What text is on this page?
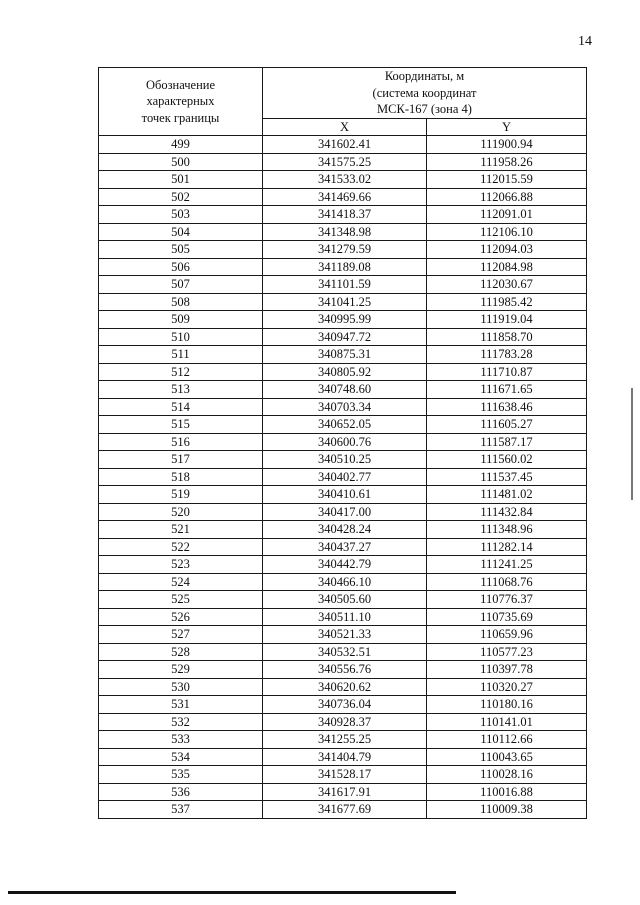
14
Обозначение
характерных
точек границы	Координаты, м
(система координат
МСК-167 (зона 4)	

	X	Y
499	341602.41	111900.94
500	341575.25	111958.26
501	341533.02	112015.59
502	341469.66	112066.88
503	341418.37	112091.01
504	341348.98	112106.10
505	341279.59	112094.03
506	341189.08	112084.98
507	341101.59	112030.67
508	341041.25	111985.42
509	340995.99	111919.04
510	340947.72	111858.70
511	340875.31	111783.28
512	340805.92	111710.87
513	340748.60	111671.65
514	340703.34	111638.46
515	340652.05	111605.27
516	340600.76	111587.17
517	340510.25	111560.02
518	340402.77	111537.45
519	340410.61	111481.02
520	340417.00	111432.84
521	340428.24	111348.96
522	340437.27	111282.14
523	340442.79	111241.25
524	340466.10	111068.76
525	340505.60	110776.37
526	340511.10	110735.69
527	340521.33	110659.96
528	340532.51	110577.23
529	340556.76	110397.78
530	340620.62	110320.27
531	340736.04	110180.16
532	340928.37	110141.01
533	341255.25	110112.66
534	341404.79	110043.65
535	341528.17	110028.16
536	341617.91	110016.88
537	341677.69	110009.38
